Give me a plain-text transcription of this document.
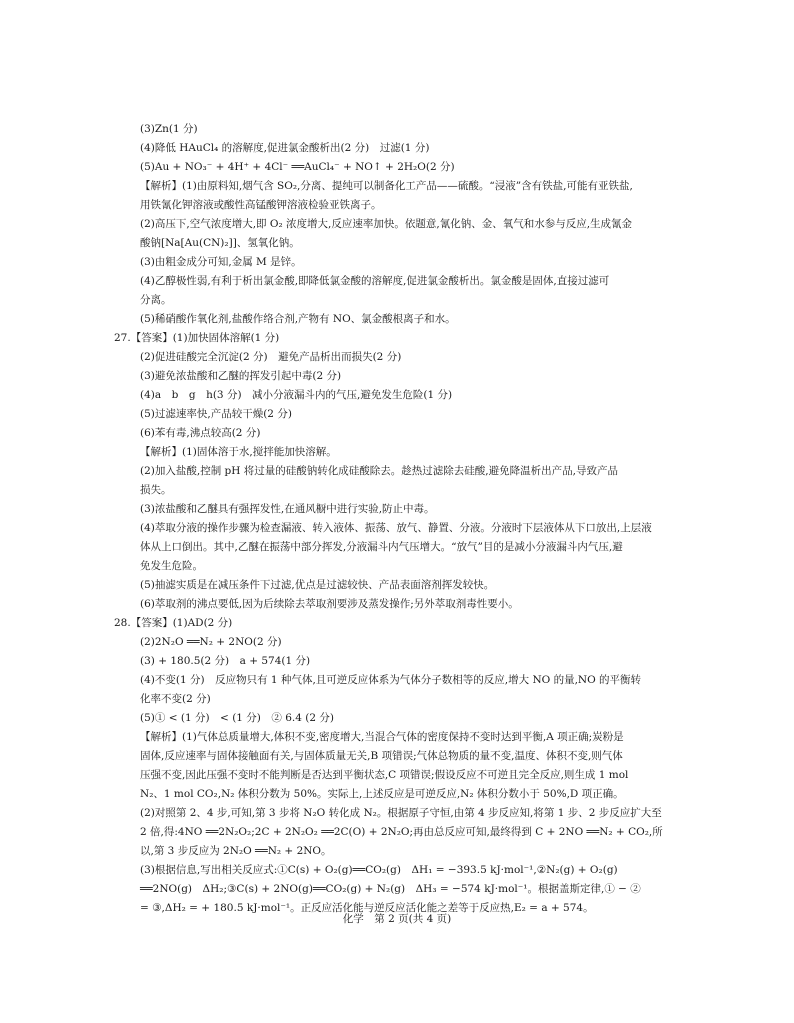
(3)Zn(1 分)
(4)降低 HAuCl₄ 的溶解度,促进氯金酸析出(2 分)　过滤(1 分)
(5)Au + NO₃⁻ + 4H⁺ + 4Cl⁻ ══AuCl₄⁻ + NO↑ + 2H₂O(2 分)
【解析】(1)由原料知,烟气含 SO₂,分离、提纯可以制备化工产品——硫酸。“浸液”含有铁盐,可能有亚铁盐,
用铁氰化钾溶液或酸性高锰酸钾溶液检验亚铁离子。
(2)高压下,空气浓度增大,即 O₂ 浓度增大,反应速率加快。依题意,氰化钠、金、氧气和水参与反应,生成氰金
酸钠[Na[Au(CN)₂]]、氢氧化钠。
(3)由粗金成分可知,金属 M 是锌。
(4)乙醇极性弱,有利于析出氯金酸,即降低氯金酸的溶解度,促进氯金酸析出。氯金酸是固体,直接过滤可
分离。
(5)稀硝酸作氧化剂,盐酸作络合剂,产物有 NO、氯金酸根离子和水。
27.【答案】(1)加快固体溶解(1 分)
(2)促进硅酸完全沉淀(2 分)　避免产品析出而损失(2 分)
(3)避免浓盐酸和乙醚的挥发引起中毒(2 分)
(4)a　b　g　h(3 分)　减小分液漏斗内的气压,避免发生危险(1 分)
(5)过滤速率快,产品较干燥(2 分)
(6)苯有毒,沸点较高(2 分)
【解析】(1)固体溶于水,搅拌能加快溶解。
(2)加入盐酸,控制 pH 将过量的硅酸钠转化成硅酸除去。趁热过滤除去硅酸,避免降温析出产品,导致产品
损失。
(3)浓盐酸和乙醚具有强挥发性,在通风橱中进行实验,防止中毒。
(4)萃取分液的操作步骤为检查漏液、转入液体、振荡、放气、静置、分液。分液时下层液体从下口放出,上层液
体从上口倒出。其中,乙醚在振荡中部分挥发,分液漏斗内气压增大。“放气”目的是减小分液漏斗内气压,避
免发生危险。
(5)抽滤实质是在减压条件下过滤,优点是过滤较快、产品表面溶剂挥发较快。
(6)萃取剂的沸点要低,因为后续除去萃取剂要涉及蒸发操作;另外萃取剂毒性要小。
28.【答案】(1)AD(2 分)
(2)2N₂O ══N₂ + 2NO(2 分)
(3) + 180.5(2 分)　a + 574(1 分)
(4)不变(1 分)　反应物只有 1 种气体,且可逆反应体系为气体分子数相等的反应,增大 NO 的量,NO 的平衡转
化率不变(2 分)
(5)① < (1 分)　< (1 分)　② 6.4 (2 分)
【解析】(1)气体总质量增大,体积不变,密度增大,当混合气体的密度保持不变时达到平衡,A 项正确;炭粉是
固体,反应速率与固体接触面有关,与固体质量无关,B 项错误;气体总物质的量不变,温度、体积不变,则气体
压强不变,因此压强不变时不能判断是否达到平衡状态,C 项错误;假设反应不可逆且完全反应,则生成 1 mol
N₂、1 mol CO₂,N₂ 体积分数为 50%。实际上,上述反应是可逆反应,N₂ 体积分数小于 50%,D 项正确。
(2)对照第 2、4 步,可知,第 3 步将 N₂O 转化成 N₂。根据原子守恒,由第 4 步反应知,将第 1 步、2 步反应扩大至
2 倍,得:4NO ══2N₂O₂;2C + 2N₂O₂ ══2C(O) + 2N₂O;再由总反应可知,最终得到 C + 2NO ══N₂ + CO₂,所
以,第 3 步反应为 2N₂O ══N₂ + 2NO。
(3)根据信息,写出相关反应式:①C(s) + O₂(g)══CO₂(g)　ΔH₁ = −393.5 kJ·mol⁻¹,②N₂(g) + O₂(g)
══2NO(g)　ΔH₂;③C(s) + 2NO(g)══CO₂(g) + N₂(g)　ΔH₃ = −574 kJ·mol⁻¹。根据盖斯定律,① − ②
= ③,ΔH₂ = + 180.5 kJ·mol⁻¹。正反应活化能与逆反应活化能之差等于反应热,E₂ = a + 574。
化学　第 2 页(共 4 页)
